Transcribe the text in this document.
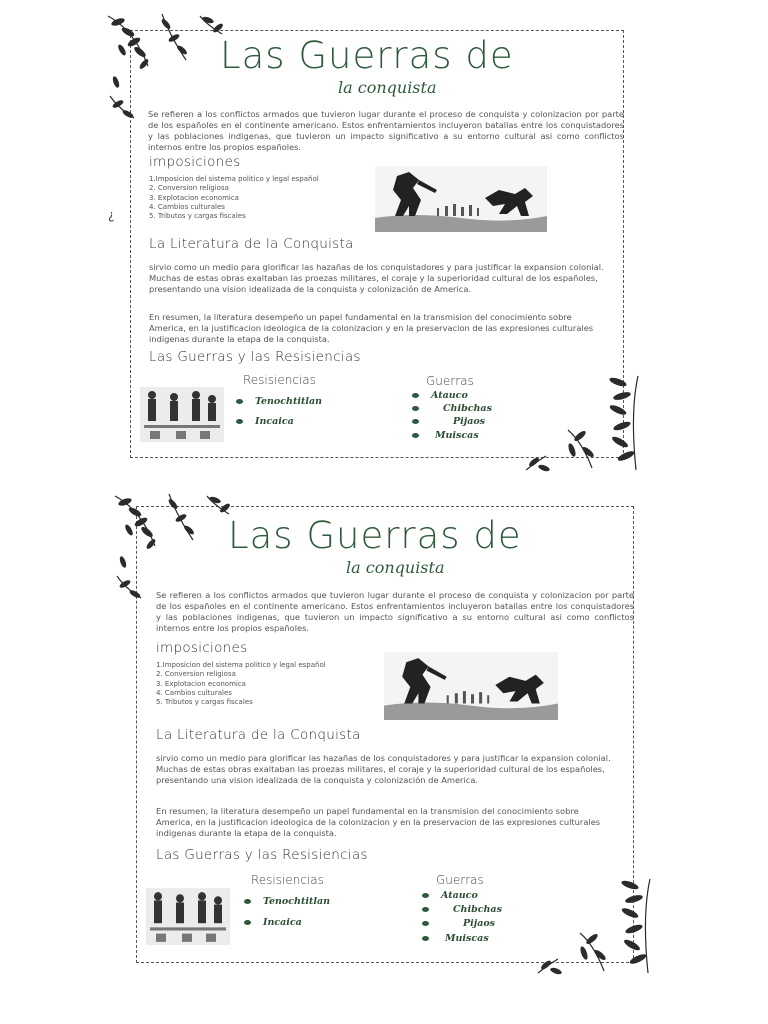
¿
Las Guerras de
la conquista

Se refieren a los conflictos armados que tuvieron lugar durante el proceso de conquista y colonizacion por parte de los españoles en el continente americano. Estos enfrentamientos incluyeron batallas entre los conquistadores y las poblaciones indigenas, que tuvieron un impacto significativo a su entorno cultural asi como conflictos internos entre los propios españoles.

imposiciones
1.Imposicion del sistema politico y legal español
2. Conversion religiosa
3. Explotacion economica
4. Cambios culturales
5. Tributos y cargas fiscales
La Literatura de la Conquista

sirvio como un medio para glorificar las hazañas de los conquistadores y para justificar la expansion colonial. Muchas de estas obras exaltaban las proezas militares, el coraje y la superioridad cultural de los españoles, presentando una vision idealizada de la conquista y colonización de America.

En resumen, la literatura desempeño un papel fundamental en la transmision del conocimiento sobre America, en la justificacion ideologica de la colonizacion y en la preservacion de las expresiones culturales indigenas durante la etapa de la conquista.

Las Guerras y las Resisiencias
Resisiencias
Tenochtitlan
Incaica
Guerras
Atauco
Chibchas
Pijaos
Muiscas
Las Guerras de
la conquista

Se refieren a los conflictos armados que tuvieron lugar durante el proceso de conquista y colonizacion por parte de los españoles en el continente americano. Estos enfrentamientos incluyeron batallas entre los conquistadores y las poblaciones indigenas, que tuvieron un impacto significativo a su entorno cultural asi como conflictos internos entre los propios españoles.

imposiciones
1.Imposicion del sistema politico y legal español
2. Conversion religiosa
3. Explotacion economica
4. Cambios culturales
5. Tributos y cargas fiscales
La Literatura de la Conquista

sirvio como un medio para glorificar las hazañas de los conquistadores y para justificar la expansion colonial. Muchas de estas obras exaltaban las proezas militares, el coraje y la superioridad cultural de los españoles, presentando una vision idealizada de la conquista y colonización de America.

En resumen, la literatura desempeño un papel fundamental en la transmision del conocimiento sobre America, en la justificacion ideologica de la colonizacion y en la preservacion de las expresiones culturales indigenas durante la etapa de la conquista.

Las Guerras y las Resisiencias
Resisiencias
Tenochtitlan
Incaica
Guerras
Atauco
Chibchas
Pijaos
Muiscas
